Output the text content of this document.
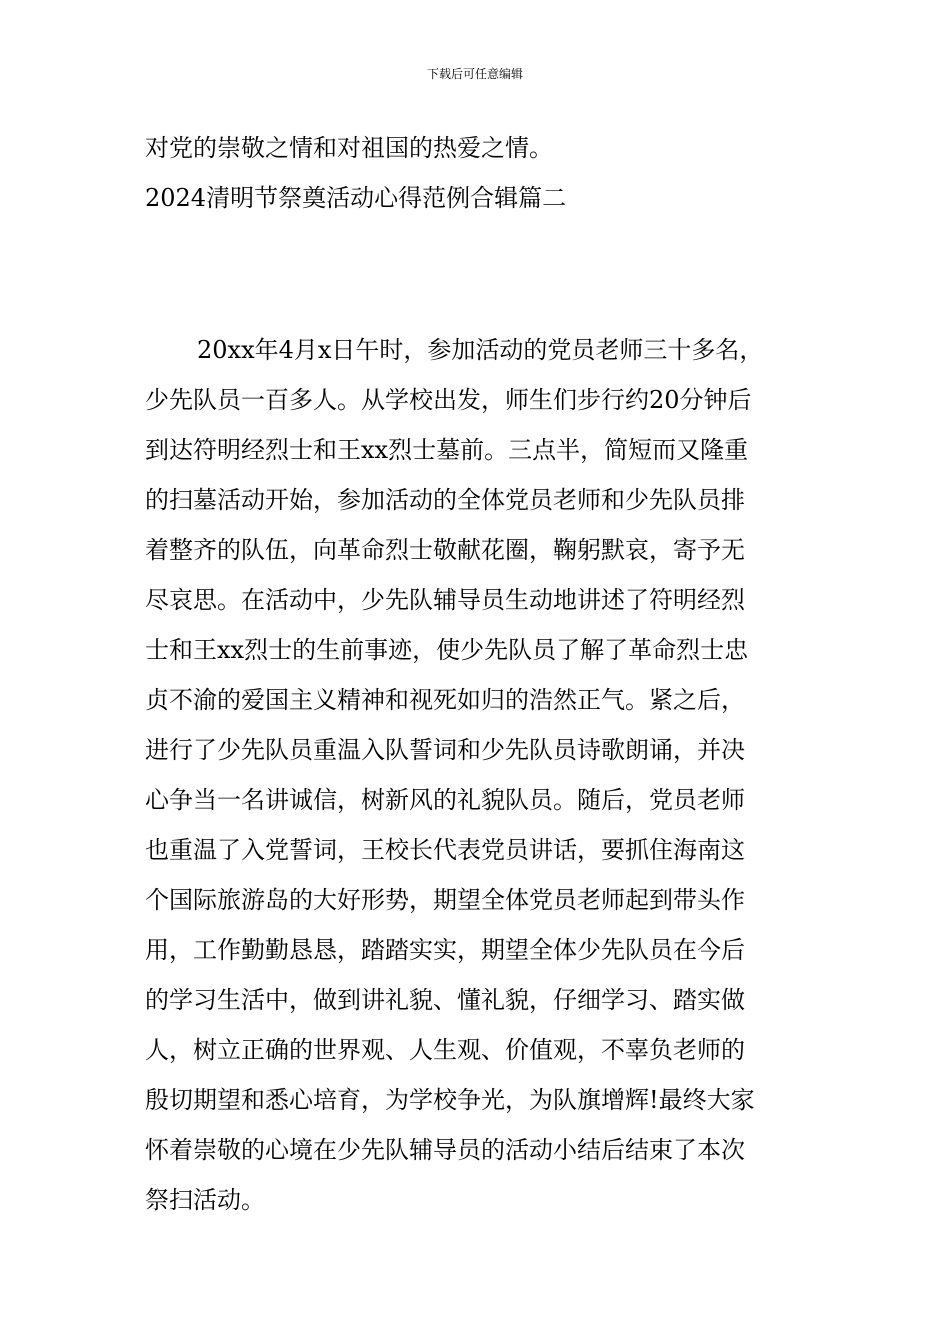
下载后可任意编辑
对党的崇敬之情和对祖国的热爱之情。
2024清明节祭奠活动心得范例合辑篇二
20xx年4月x日午时，参加活动的党员老师三十多名，
少先队员一百多人。从学校出发，师生们步行约20分钟后
到达符明经烈士和王xx烈士墓前。三点半，简短而又隆重
的扫墓活动开始，参加活动的全体党员老师和少先队员排
着整齐的队伍，向革命烈士敬献花圈，鞠躬默哀，寄予无
尽哀思。在活动中，少先队辅导员生动地讲述了符明经烈
士和王xx烈士的生前事迹，使少先队员了解了革命烈士忠
贞不渝的爱国主义精神和视死如归的浩然正气。紧之后，
进行了少先队员重温入队誓词和少先队员诗歌朗诵，并决
心争当一名讲诚信，树新风的礼貌队员。随后，党员老师
也重温了入党誓词，王校长代表党员讲话，要抓住海南这
个国际旅游岛的大好形势，期望全体党员老师起到带头作
用，工作勤勤恳恳，踏踏实实，期望全体少先队员在今后
的学习生活中，做到讲礼貌、懂礼貌，仔细学习、踏实做
人，树立正确的世界观、人生观、价值观，不辜负老师的
殷切期望和悉心培育，为学校争光，为队旗增辉!最终大家
怀着崇敬的心境在少先队辅导员的活动小结后结束了本次
祭扫活动。
